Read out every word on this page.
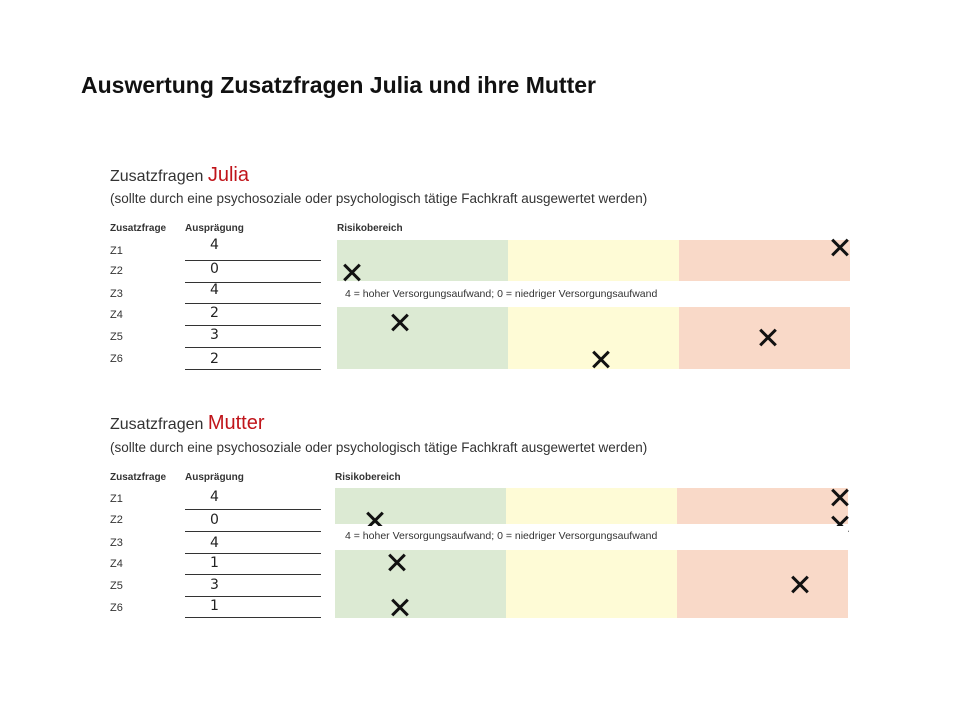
Auswertung Zusatzfragen Julia und ihre Mutter
Zusatzfragen Julia
(sollte durch eine psychosoziale oder psychologisch tätige Fachkraft ausgewertet werden)
Zusatzfrage Ausprägung	Risikobereich
Z1	4
Z2	0
Z3	4
Z4	2
Z5	3
Z6	2
4 = hoher Versorgungsaufwand; 0 = niedriger Versorgungsaufwand
Zusatzfragen Mutter
(sollte durch eine psychosoziale oder psychologisch tätige Fachkraft ausgewertet werden)
Zusatzfrage Ausprägung	Risikobereich
Z1	4
Z2	0
Z3	4
Z4	1
Z5	3
Z6	1
4 = hoher Versorgungsaufwand; 0 = niedriger Versorgungsaufwand
